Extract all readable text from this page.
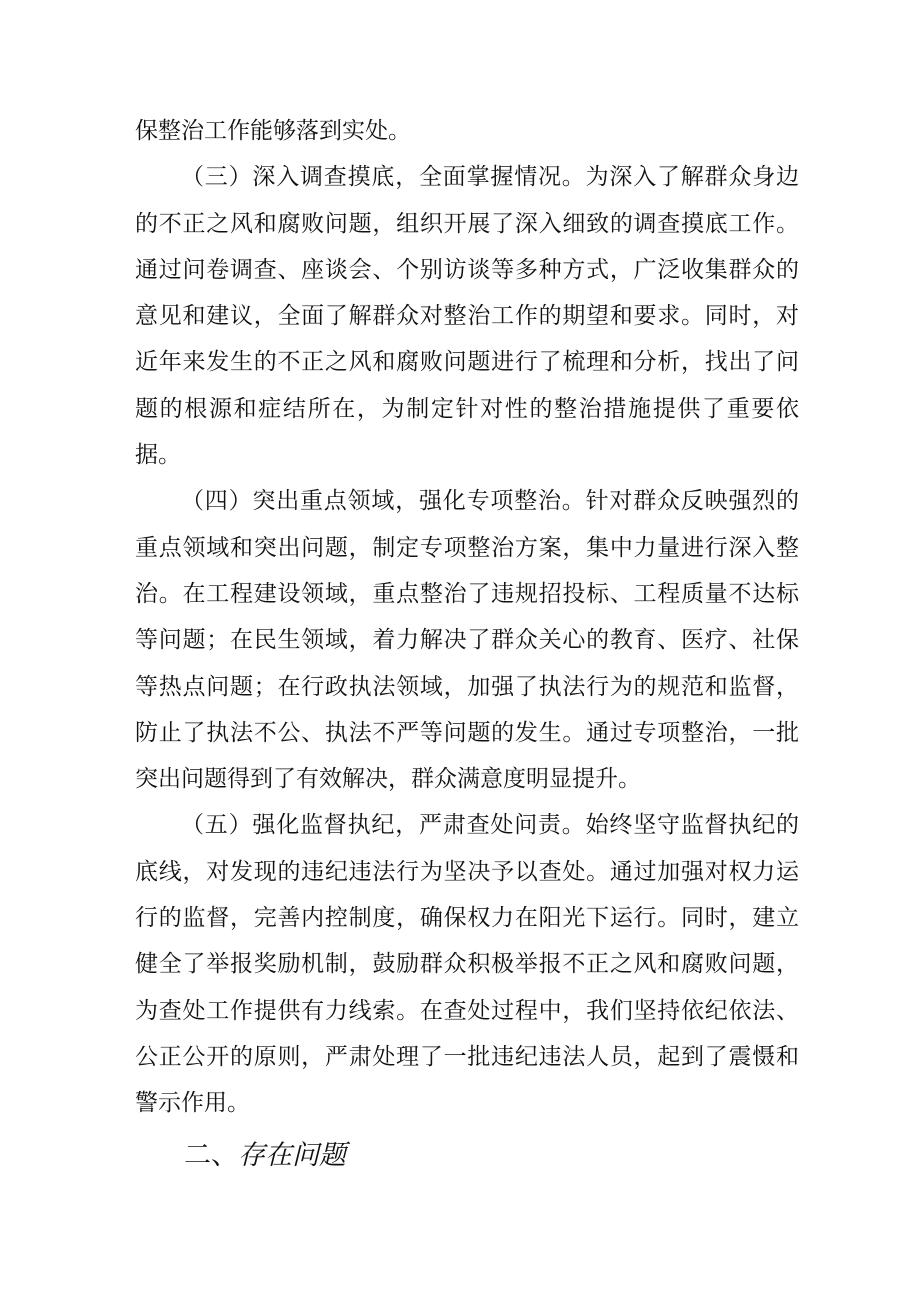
保整治工作能够落到实处。

（三）深入调查摸底，全面掌握情况。为深入了解群众身边的不正之风和腐败问题，组织开展了深入细致的调查摸底工作。通过问卷调查、座谈会、个别访谈等多种方式，广泛收集群众的意见和建议，全面了解群众对整治工作的期望和要求。同时，对近年来发生的不正之风和腐败问题进行了梳理和分析，找出了问题的根源和症结所在，为制定针对性的整治措施提供了重要依据。

（四）突出重点领域，强化专项整治。针对群众反映强烈的重点领域和突出问题，制定专项整治方案，集中力量进行深入整治。在工程建设领域，重点整治了违规招投标、工程质量不达标等问题；在民生领域，着力解决了群众关心的教育、医疗、社保等热点问题；在行政执法领域，加强了执法行为的规范和监督，防止了执法不公、执法不严等问题的发生。通过专项整治，一批突出问题得到了有效解决，群众满意度明显提升。

（五）强化监督执纪，严肃查处问责。始终坚守监督执纪的底线，对发现的违纪违法行为坚决予以查处。通过加强对权力运行的监督，完善内控制度，确保权力在阳光下运行。同时，建立健全了举报奖励机制，鼓励群众积极举报不正之风和腐败问题，为查处工作提供有力线索。在查处过程中，我们坚持依纪依法、公正公开的原则，严肃处理了一批违纪违法人员，起到了震慑和警示作用。

二、存在问题
